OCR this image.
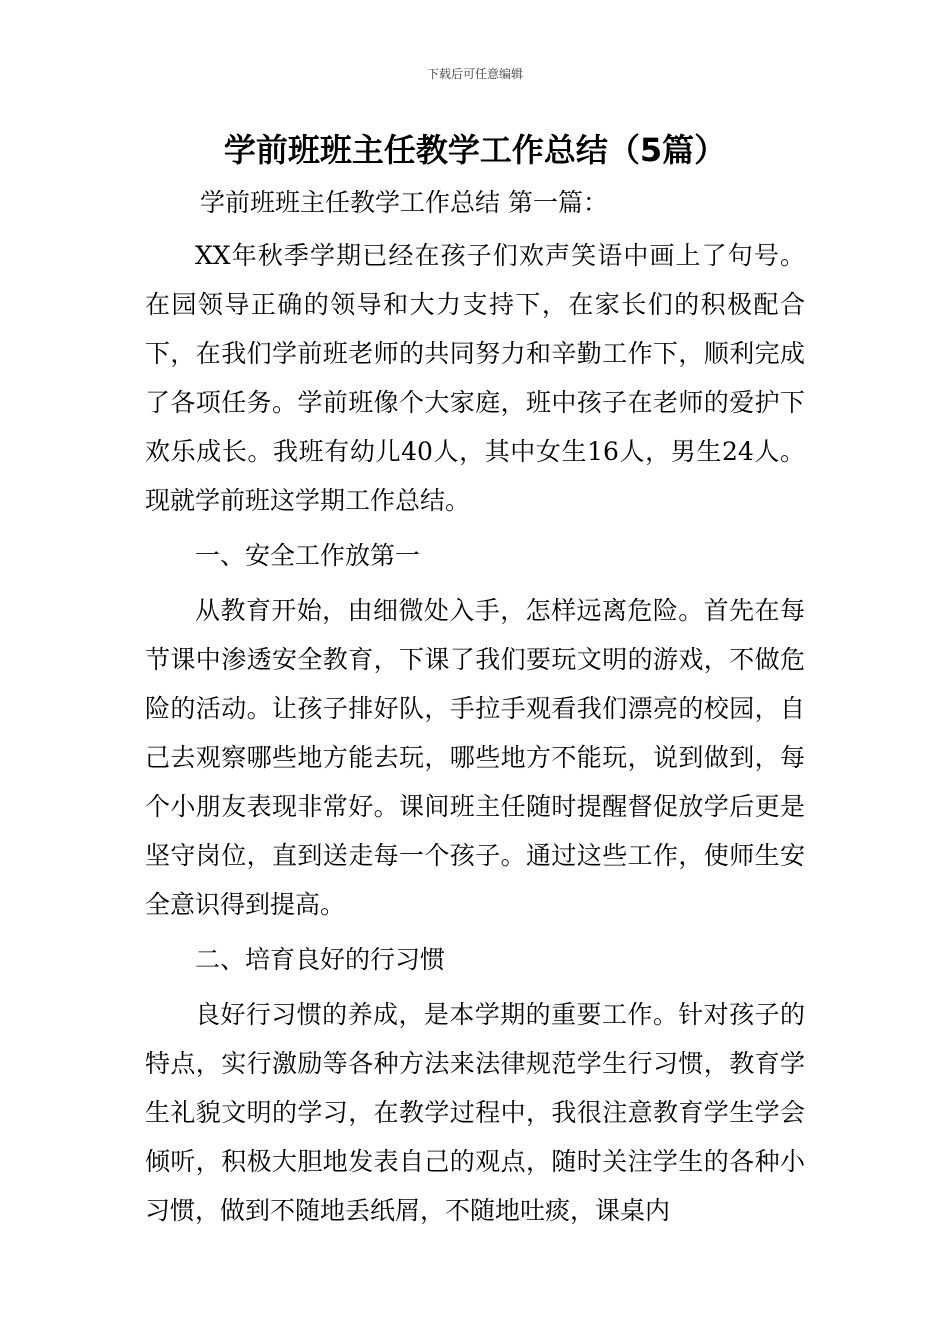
下载后可任意编辑
学前班班主任教学工作总结（5篇）

学前班班主任教学工作总结 第一篇：

XX年秋季学期已经在孩子们欢声笑语中画上了句号。在园领导正确的领导和大力支持下，在家长们的积极配合下，在我们学前班老师的共同努力和辛勤工作下，顺利完成了各项任务。学前班像个大家庭，班中孩子在老师的爱护下欢乐成长。我班有幼儿40人，其中女生16人，男生24人。现就学前班这学期工作总结。

一、安全工作放第一

从教育开始，由细微处入手，怎样远离危险。首先在每节课中渗透安全教育，下课了我们要玩文明的游戏，不做危险的活动。让孩子排好队，手拉手观看我们漂亮的校园，自己去观察哪些地方能去玩，哪些地方不能玩，说到做到，每个小朋友表现非常好。课间班主任随时提醒督促放学后更是坚守岗位，直到送走每一个孩子。通过这些工作，使师生安全意识得到提高。

二、培育良好的行习惯

良好行习惯的养成，是本学期的重要工作。针对孩子的特点，实行激励等各种方法来法律规范学生行习惯，教育学生礼貌文明的学习，在教学过程中，我很注意教育学生学会倾听，积极大胆地发表自己的观点，随时关注学生的各种小习惯，做到不随地丢纸屑，不随地吐痰，课桌内
